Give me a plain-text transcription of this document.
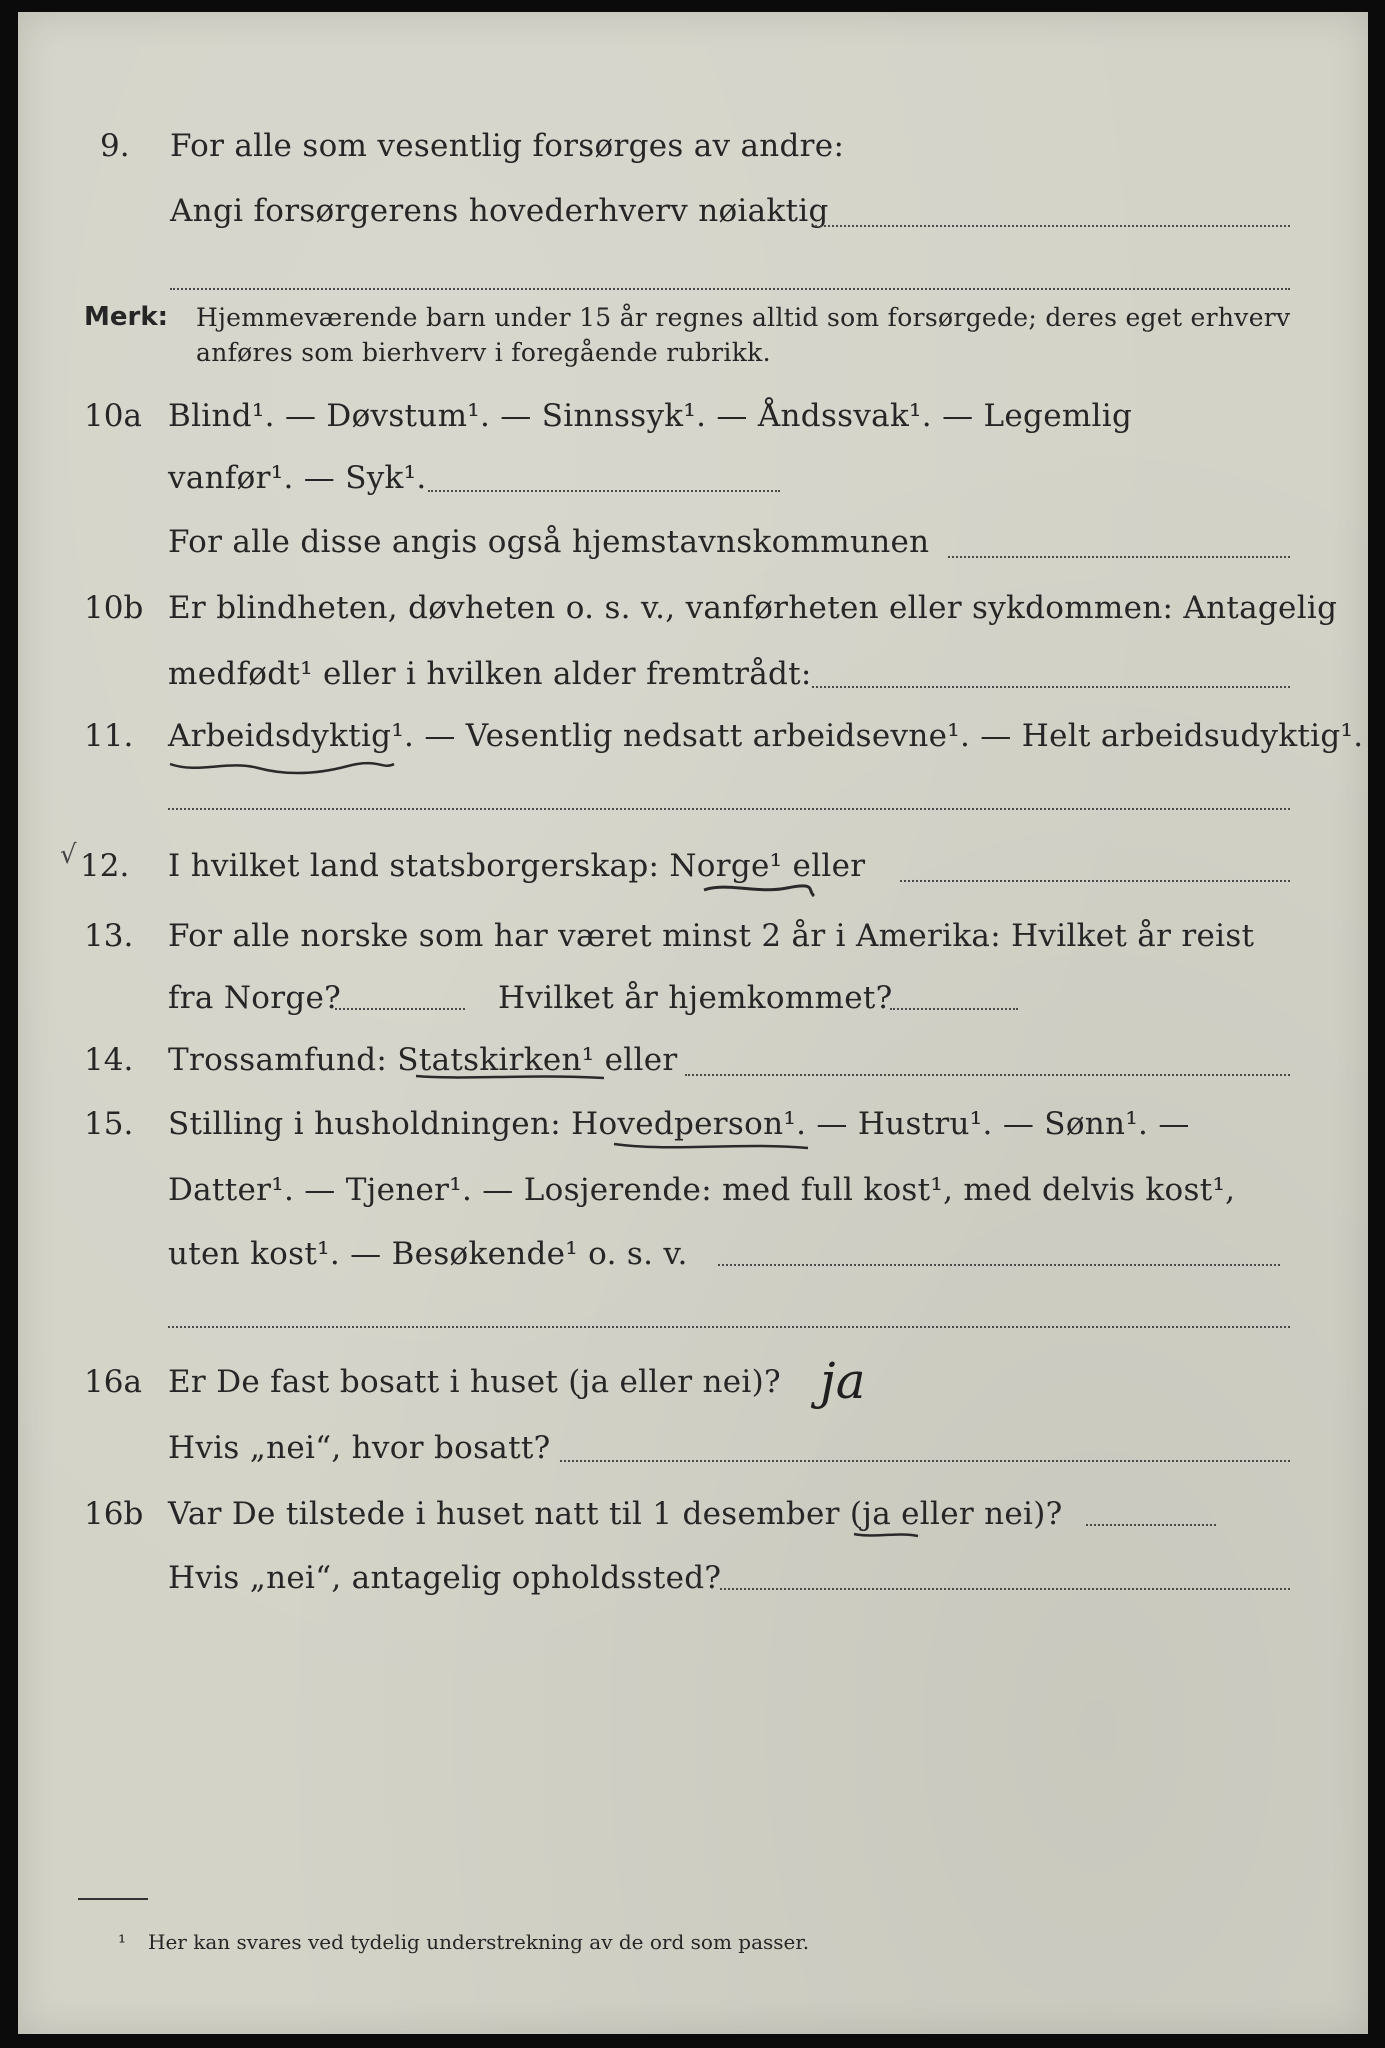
9. For alle som vesentlig forsørges av andre:
Angi forsørgerens hovederhverv nøiaktig
Merk: Hjemmeværende barn under 15 år regnes alltid som forsørgede; deres eget erhverv
anføres som bierhverv i foregående rubrikk.
10a Blind¹. — Døvstum¹. — Sinnssyk¹. — Åndssvak¹. — Legemlig
vanfør¹. — Syk¹.
For alle disse angis også hjemstavnskommunen
10b Er blindheten, døvheten o. s. v., vanførheten eller sykdommen: Antagelig
medfødt¹ eller i hvilken alder fremtrådt:
11. Arbeidsdyktig¹. — Vesentlig nedsatt arbeidsevne¹. — Helt arbeidsudyktig¹.
√ 12. I hvilket land statsborgerskap: Norge¹ eller
13. For alle norske som har været minst 2 år i Amerika: Hvilket år reist
fra Norge?	Hvilket år hjemkommet?
14. Trossamfund: Statskirken¹ eller
15. Stilling i husholdningen: Hovedperson¹. — Hustru¹. — Sønn¹. —
Datter¹. — Tjener¹. — Losjerende: med full kost¹, med delvis kost¹,
uten kost¹. — Besøkende¹ o. s. v.
16a Er De fast bosatt i huset (ja eller nei)? ja
Hvis „nei“, hvor bosatt?
16b Var De tilstede i huset natt til 1 desember (ja eller nei)?
Hvis „nei“, antagelig opholdssted?
¹ Her kan svares ved tydelig understrekning av de ord som passer.
